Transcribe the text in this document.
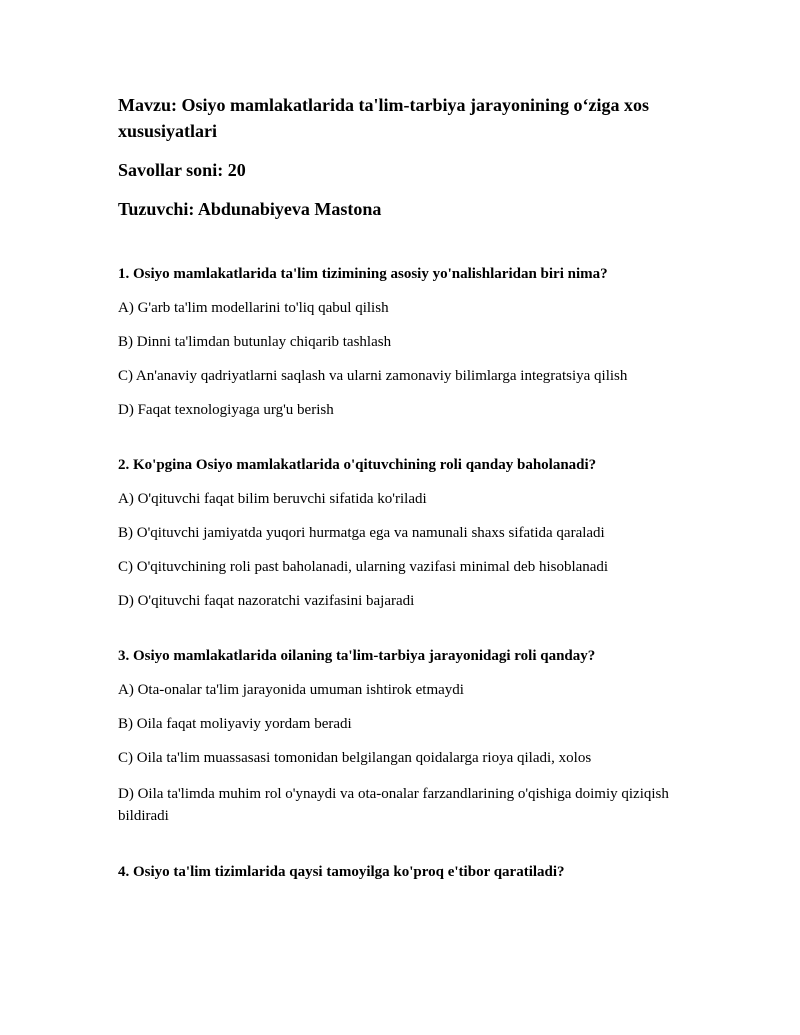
Mavzu: Osiyo mamlakatlarida ta'lim-tarbiya jarayonining o‘ziga xos xususiyatlari

Savollar soni: 20

Tuzuvchi: Abdunabiyeva Mastona

1. Osiyo mamlakatlarida ta'lim tizimining asosiy yo'nalishlaridan biri nima?

A) G'arb ta'lim modellarini to'liq qabul qilish

B) Dinni ta'limdan butunlay chiqarib tashlash

C) An'anaviy qadriyatlarni saqlash va ularni zamonaviy bilimlarga integratsiya qilish

D) Faqat texnologiyaga urg'u berish

2. Ko'pgina Osiyo mamlakatlarida o'qituvchining roli qanday baholanadi?

A) O'qituvchi faqat bilim beruvchi sifatida ko'riladi

B) O'qituvchi jamiyatda yuqori hurmatga ega va namunali shaxs sifatida qaraladi

C) O'qituvchining roli past baholanadi, ularning vazifasi minimal deb hisoblanadi

D) O'qituvchi faqat nazoratchi vazifasini bajaradi

3. Osiyo mamlakatlarida oilaning ta'lim-tarbiya jarayonidagi roli qanday?

A) Ota-onalar ta'lim jarayonida umuman ishtirok etmaydi

B) Oila faqat moliyaviy yordam beradi

C) Oila ta'lim muassasasi tomonidan belgilangan qoidalarga rioya qiladi, xolos

D) Oila ta'limda muhim rol o'ynaydi va ota-onalar farzandlarining o'qishiga doimiy qiziqish bildiradi

4. Osiyo ta'lim tizimlarida qaysi tamoyilga ko'proq e'tibor qaratiladi?
